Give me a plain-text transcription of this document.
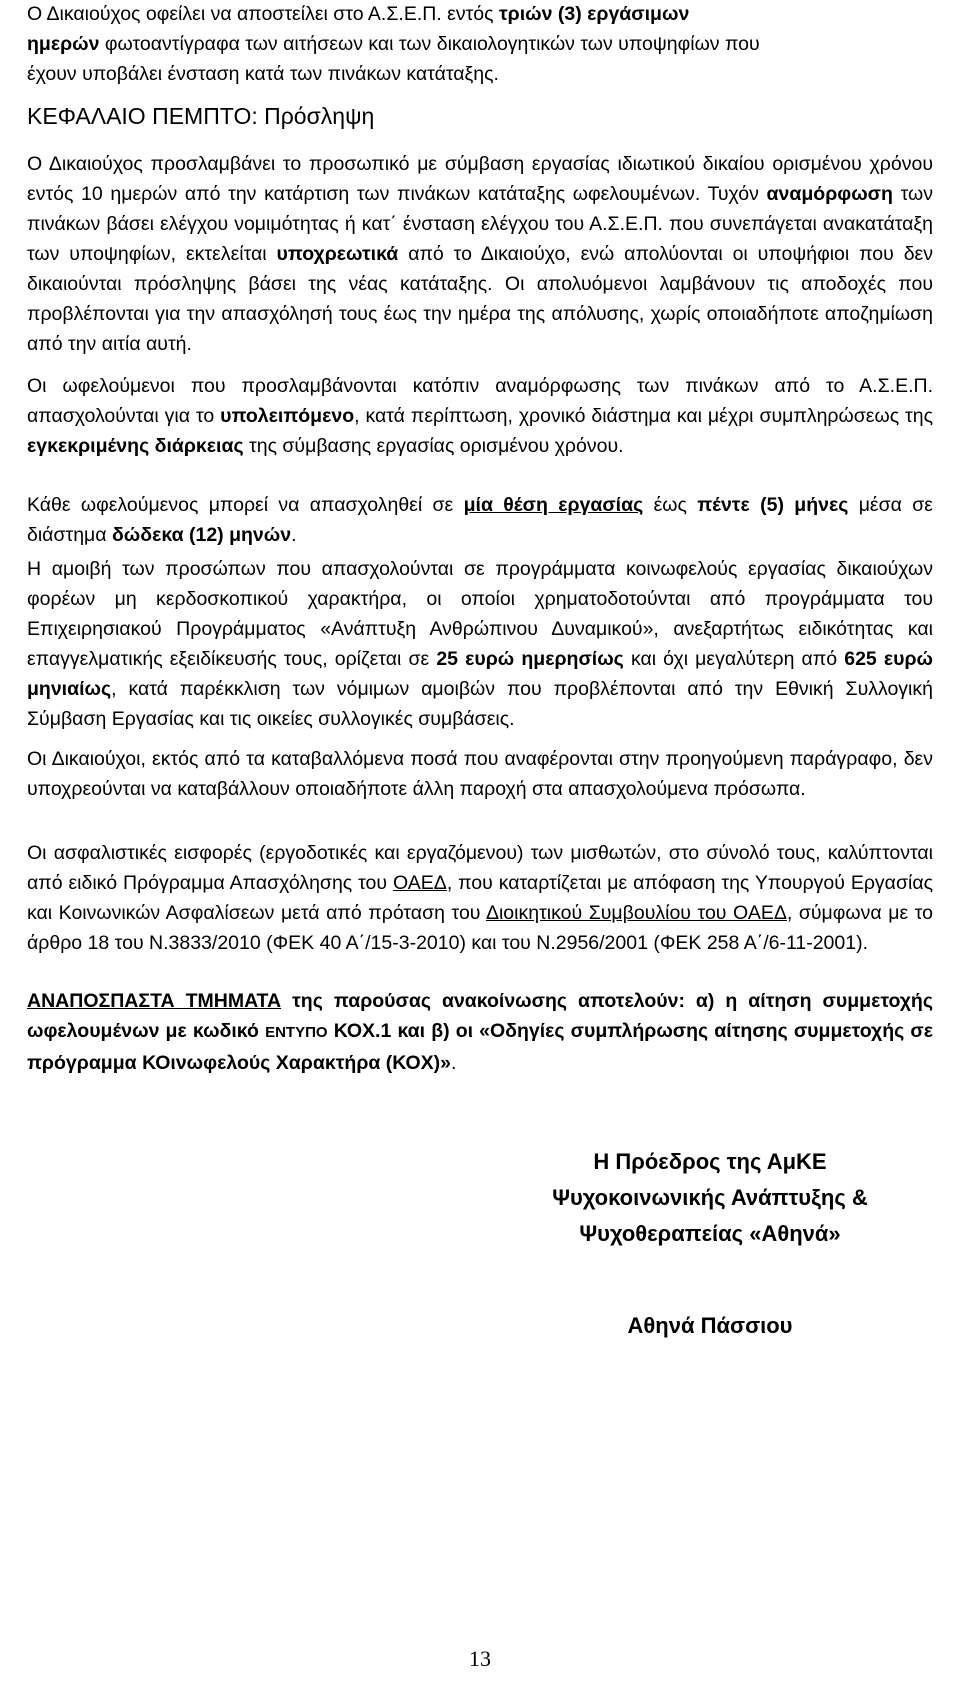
Ο Δικαιούχος οφείλει να αποστείλει στο Α.Σ.Ε.Π. εντός τριών (3) εργάσιμων
ημερών φωτοαντίγραφα των αιτήσεων και των δικαιολογητικών των υποψηφίων που
έχουν υποβάλει ένσταση κατά των πινάκων κατάταξης.
ΚΕΦΑΛΑΙΟ ΠΕΜΠΤΟ: Πρόσληψη

Ο Δικαιούχος προσλαμβάνει το προσωπικό με σύμβαση εργασίας ιδιωτικού δικαίου ορισμένου χρόνου εντός 10 ημερών από την κατάρτιση των πινάκων κατάταξης ωφελουμένων. Τυχόν αναμόρφωση των πινάκων βάσει ελέγχου νομιμότητας ή κατ΄ ένσταση ελέγχου του Α.Σ.Ε.Π. που συνεπάγεται ανακατάταξη των υποψηφίων, εκτελείται υποχρεωτικά από το Δικαιούχο, ενώ απολύονται οι υποψήφιοι που δεν δικαιούνται πρόσληψης βάσει της νέας κατάταξης. Οι απολυόμενοι λαμβάνουν τις αποδοχές που προβλέπονται για την απασχόλησή τους έως την ημέρα της απόλυσης, χωρίς οποιαδήποτε αποζημίωση από την αιτία αυτή.

Οι ωφελούμενοι που προσλαμβάνονται κατόπιν αναμόρφωσης των πινάκων από το Α.Σ.Ε.Π. απασχολούνται για το υπολειπόμενο, κατά περίπτωση, χρονικό διάστημα και μέχρι συμπληρώσεως της εγκεκριμένης διάρκειας της σύμβασης εργασίας ορισμένου χρόνου.

Κάθε ωφελούμενος μπορεί να απασχοληθεί σε μία θέση εργασίας έως πέντε (5) μήνες μέσα σε διάστημα δώδεκα (12) μηνών.

Η αμοιβή των προσώπων που απασχολούνται σε προγράμματα κοινωφελούς εργασίας δικαιούχων φορέων μη κερδοσκοπικού χαρακτήρα, οι οποίοι χρηματοδοτούνται από προγράμματα του Επιχειρησιακού Προγράμματος «Ανάπτυξη Ανθρώπινου Δυναμικού», ανεξαρτήτως ειδικότητας και επαγγελματικής εξειδίκευσής τους, ορίζεται σε 25 ευρώ ημερησίως και όχι μεγαλύτερη από 625 ευρώ μηνιαίως, κατά παρέκκλιση των νόμιμων αμοιβών που προβλέπονται από την Εθνική Συλλογική Σύμβαση Εργασίας και τις οικείες συλλογικές συμβάσεις.

Οι Δικαιούχοι, εκτός από τα καταβαλλόμενα ποσά που αναφέρονται στην προηγούμενη παράγραφο, δεν υποχρεούνται να καταβάλλουν οποιαδήποτε άλλη παροχή στα απασχολούμενα πρόσωπα.

Οι ασφαλιστικές εισφορές (εργοδοτικές και εργαζόμενου) των μισθωτών, στο σύνολό τους, καλύπτονται από ειδικό Πρόγραμμα Απασχόλησης του ΟΑΕΔ, που καταρτίζεται με απόφαση της Υπουργού Εργασίας και Κοινωνικών Ασφαλίσεων μετά από πρόταση του Διοικητικού Συμβουλίου του ΟΑΕΔ, σύμφωνα με το άρθρο 18 του Ν.3833/2010 (ΦΕΚ 40 Α΄/15-3-2010) και του Ν.2956/2001 (ΦΕΚ 258 Α΄/6-11-2001).

ΑΝΑΠΟΣΠΑΣΤΑ ΤΜΗΜΑΤΑ της παρούσας ανακοίνωσης αποτελούν: α) η αίτηση συμμετοχής ωφελουμένων με κωδικό ΕΝΤΥΠΟ ΚΟΧ.1 και β) οι «Οδηγίες συμπλήρωσης αίτησης συμμετοχής σε πρόγραμμα ΚΟινωφελούς Χαρακτήρα (ΚΟΧ)».

Η Πρόεδρος της ΑμΚΕ
Ψυχοκοινωνικής Ανάπτυξης &
Ψυχοθεραπείας «Αθηνά»
Αθηνά Πάσσιου
13
